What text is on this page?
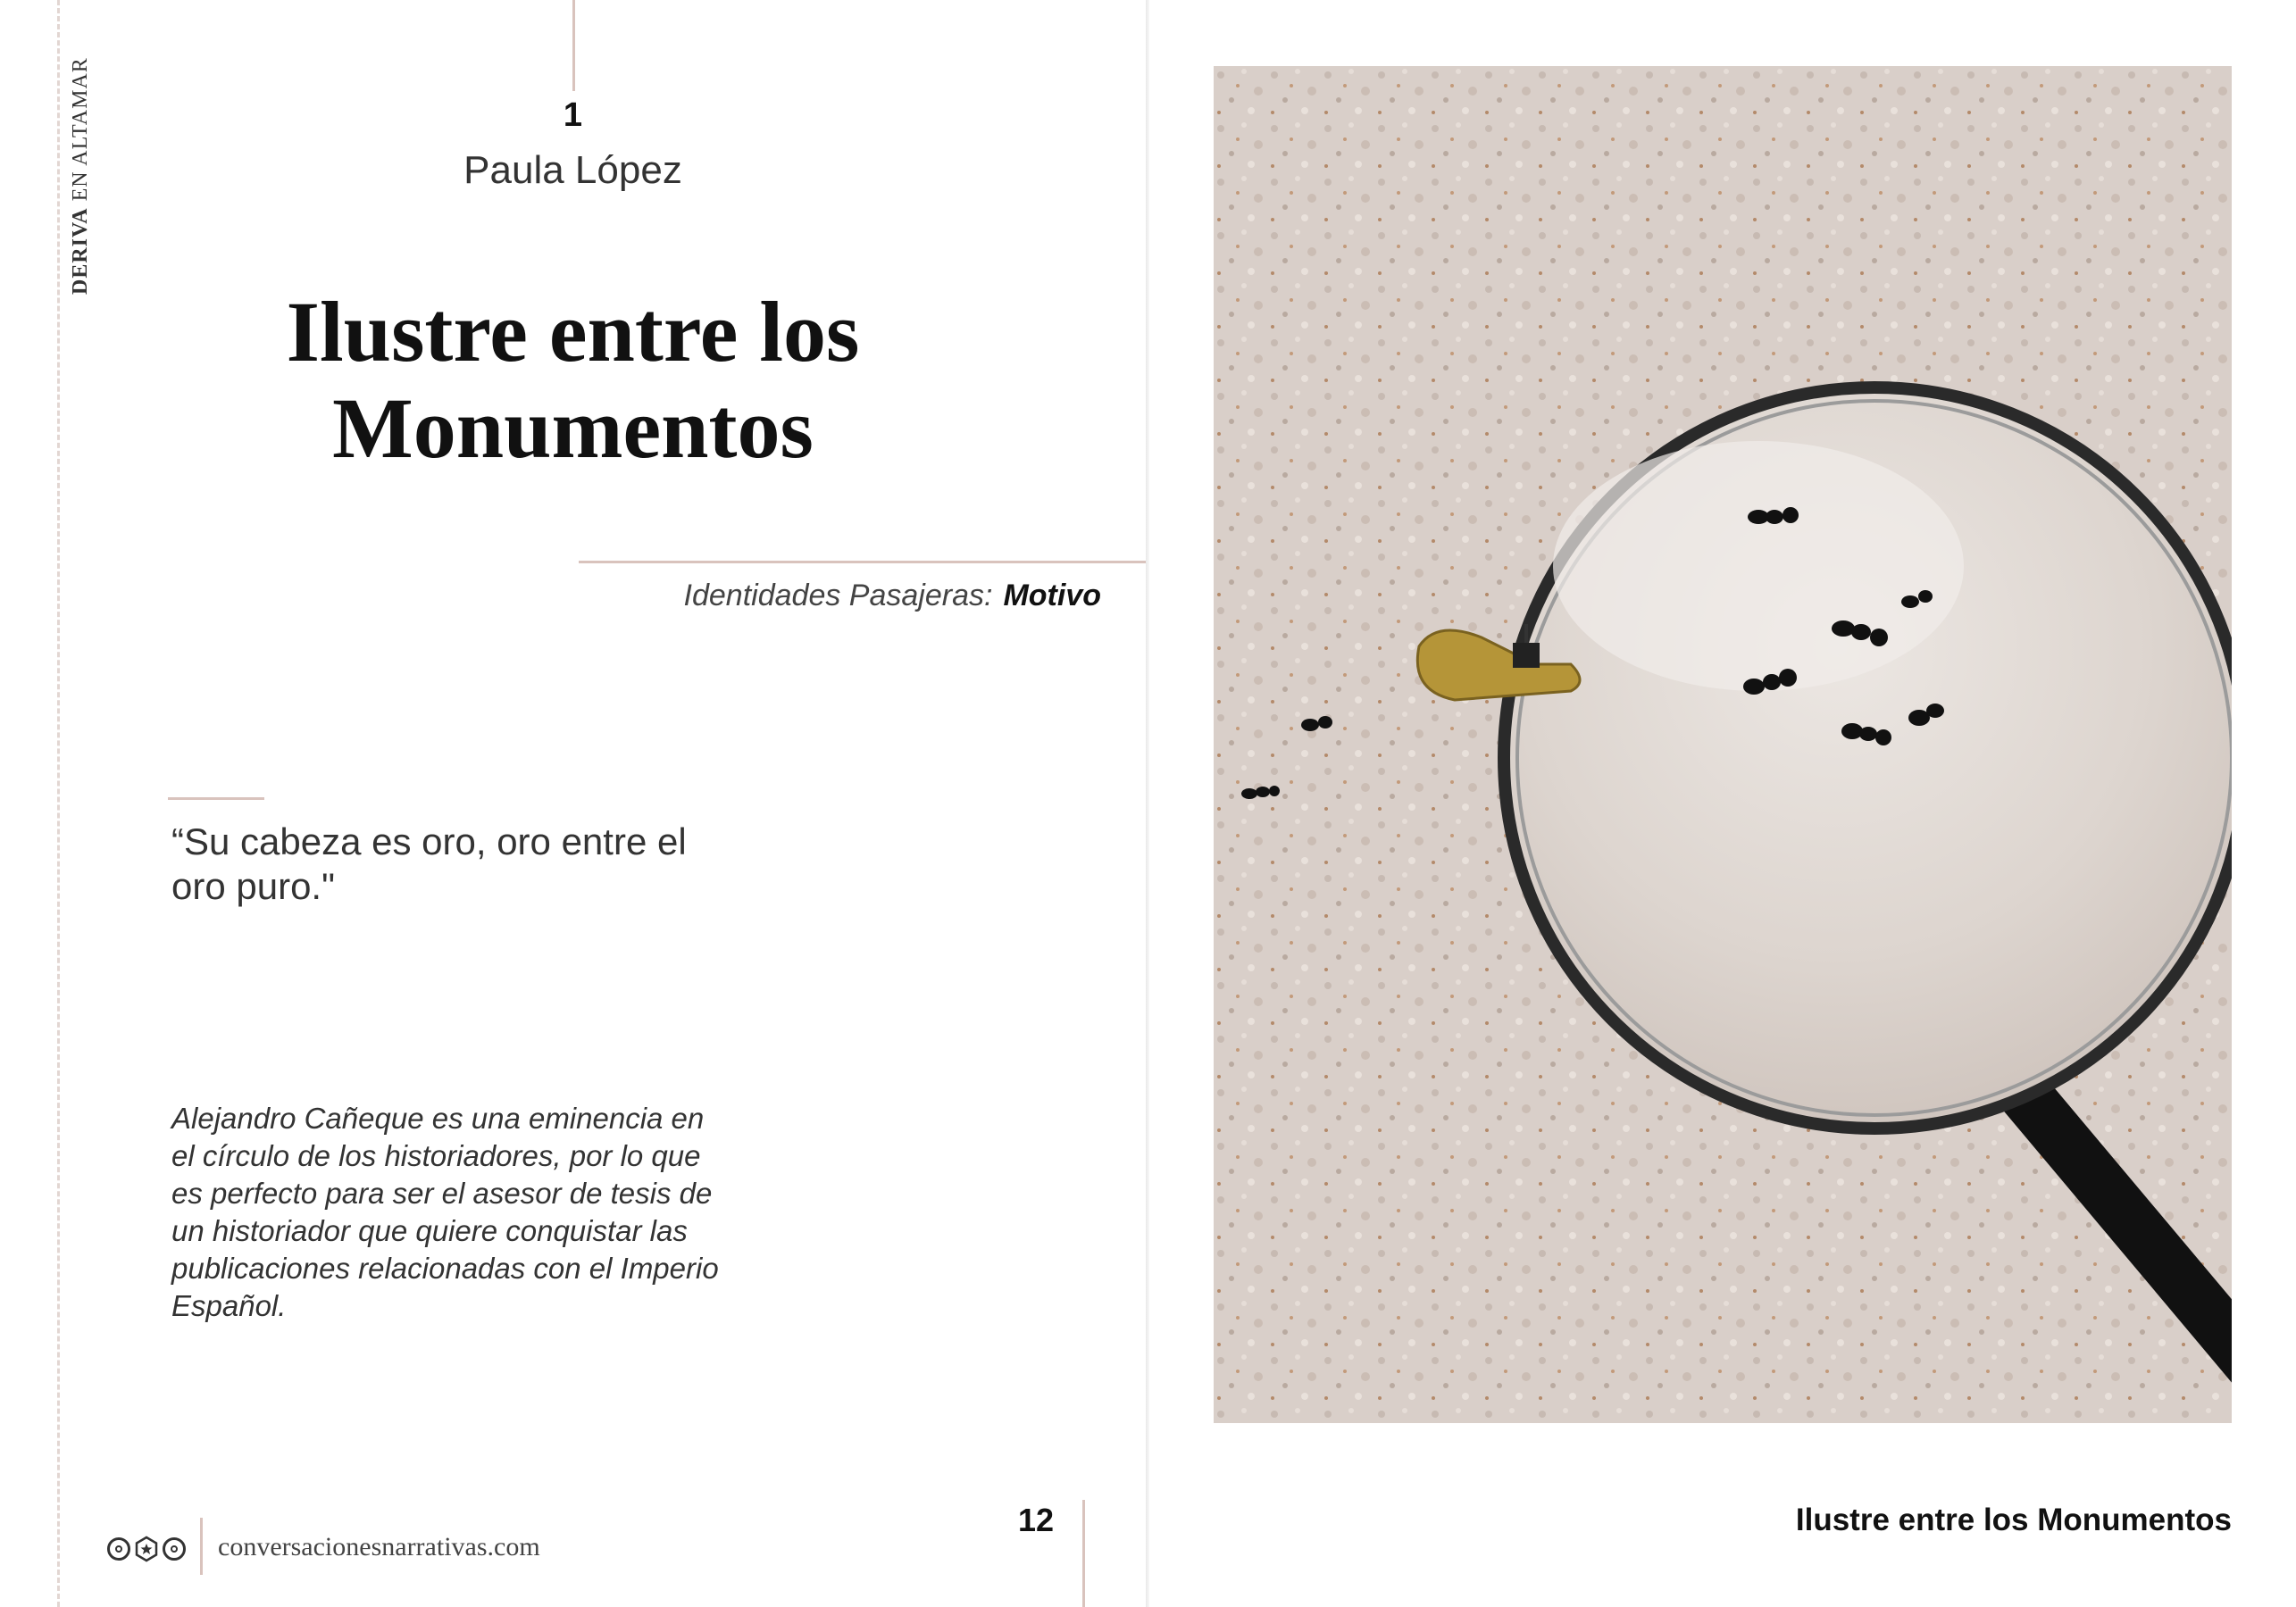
DERIVA EN ALTAMAR	1
Paula López
Ilustre entre los
Monumentos
Identidades Pasajeras: Motivo
“Su cabeza es oro, oro entre el oro puro."
Alejandro Cañeque es una eminencia en el círculo de los historiadores, por lo que es perfecto para ser el asesor de tesis de un historiador que quiere conquistar las publicaciones relacionadas con el Imperio Español.
conversacionesnarrativas.com
12	Ilustre entre los Monumentos
